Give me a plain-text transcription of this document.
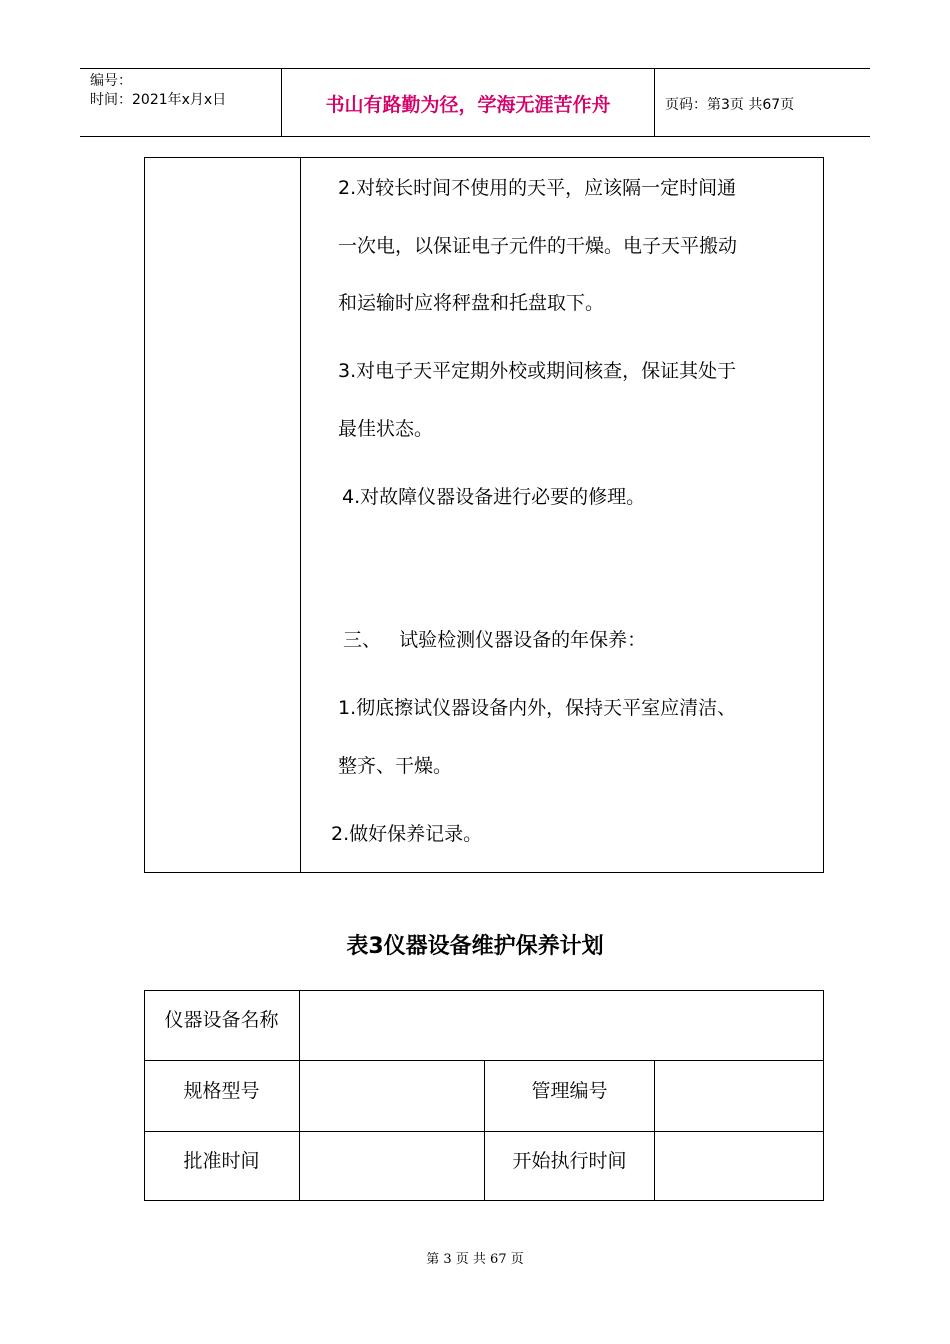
编号：
时间：2021年x月x日	书山有路勤为径，学海无涯苦作舟	页码：第3页 共67页
2.对较长时间不使用的天平，应该隔一定时间通
一次电，以保证电子元件的干燥。电子天平搬动
和运输时应将秤盘和托盘取下。
3.对电子天平定期外校或期间核查，保证其处于
最佳状态。
4.对故障仪器设备进行必要的修理。
三、   试验检测仪器设备的年保养：
1.彻底擦试仪器设备内外，保持天平室应清洁、
整齐、干燥。
2.做好保养记录。
表3仪器设备维护保养计划
仪器设备名称
规格型号	管理编号
批准时间	开始执行时间
第 3 页 共 67 页
